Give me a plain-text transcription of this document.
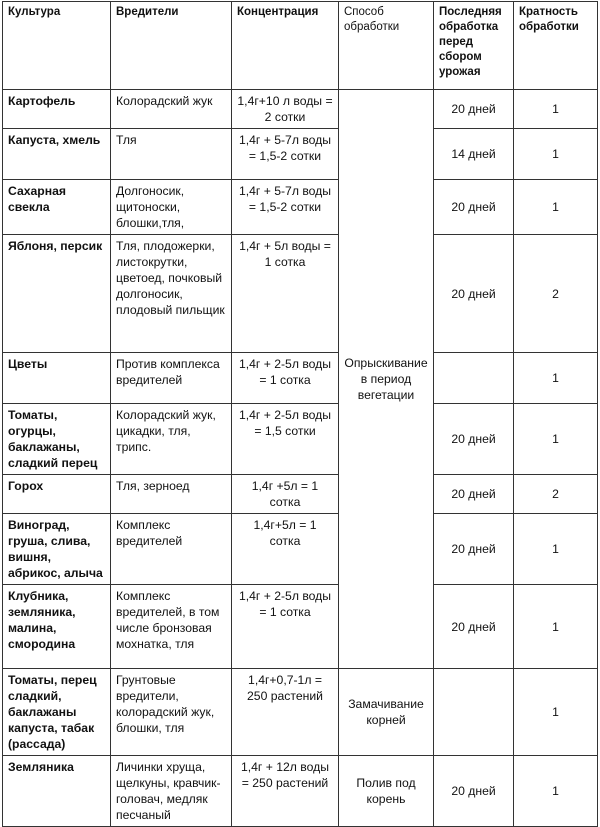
Культура	Вредители	Концентрация	Способ обработки	Последняя обработка перед сбором урожая	Кратность обработки
Картофель	Колорадский жук	1,4г+10 л воды = 2 сотки	Опрыскивание в период вегетации	20 дней	1
Капуста, хмель	Тля	1,4г + 5-7л воды = 1,5-2 сотки		14 дней	1
Сахарная свекла	Долгоносик, щитоноски, блошки,тля,	1,4г + 5-7л воды = 1,5-2 сотки		20 дней	1
Яблоня, персик	Тля, плодожерки, листокрутки, цветоед, почковый долгоносик, плодовый пильщик	1,4г + 5л воды = 1 сотка		20 дней	2
Цветы	Против комплекса вредителей	1,4г + 2-5л воды = 1 сотка			1
Томаты, огурцы, баклажаны, сладкий перец	Колорадский жук, цикадки, тля, трипс.	1,4г + 2-5л воды = 1,5 сотки		20 дней	1
Горох	Тля, зерноед	1,4г +5л = 1 сотка		20 дней	2
Виноград, груша, слива, вишня, абрикос, алыча	Комплекс вредителей	1,4г+5л = 1 сотка		20 дней	1
Клубника, земляника, малина, смородина	Комплекс вредителей, в том числе бронзовая мохнатка, тля	1,4г + 2-5л воды = 1 сотка		20 дней	1
Томаты, перец сладкий, баклажаны капуста, табак (рассада)	Грунтовые вредители, колорадский жук, блошки, тля	1,4г+0,7-1л = 250 растений	Замачивание корней		1
Земляника	Личинки хруща, щелкуны, кравчик-головач, медляк песчаный	1,4г + 12л воды = 250 растений	Полив под корень	20 дней	1
